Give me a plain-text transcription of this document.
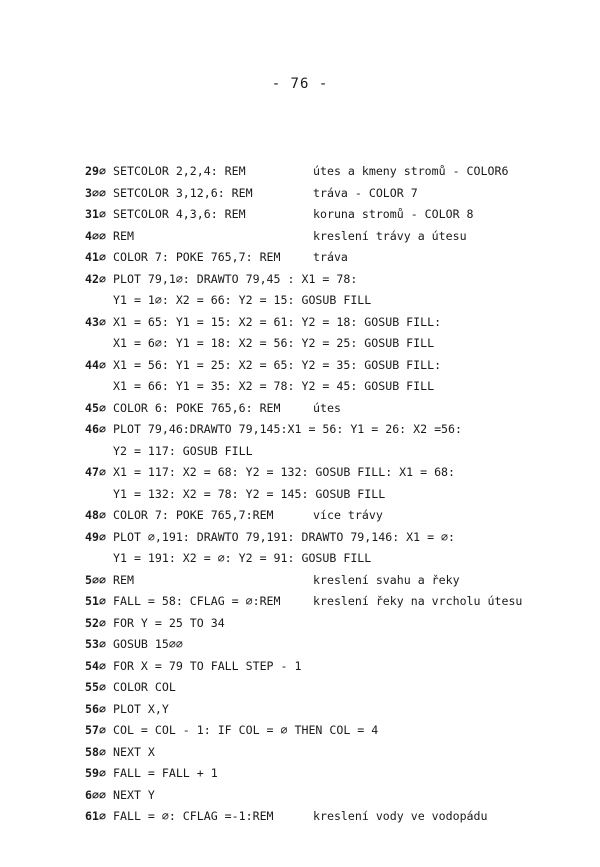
- 76 -
29∅ SETCOLOR 2,2,4: REM	útes a kmeny stromů - COLOR6
3∅∅ SETCOLOR 3,12,6: REM	tráva - COLOR 7
31∅ SETCOLOR 4,3,6: REM	koruna stromů - COLOR 8
4∅∅ REM	kreslení trávy a útesu
41∅ COLOR 7: POKE 765,7: REM	tráva
42∅ PLOT 79,1∅: DRAWTO 79,45 : X1 = 78:
Y1 = 1∅: X2 = 66: Y2 = 15: GOSUB FILL
43∅ X1 = 65: Y1 = 15: X2 = 61: Y2 = 18: GOSUB FILL:
X1 = 6∅: Y1 = 18: X2 = 56: Y2 = 25: GOSUB FILL
44∅ X1 = 56: Y1 = 25: X2 = 65: Y2 = 35: GOSUB FILL:
X1 = 66: Y1 = 35: X2 = 78: Y2 = 45: GOSUB FILL
45∅ COLOR 6: POKE 765,6: REM	útes
46∅ PLOT 79,46:DRAWTO 79,145:X1 = 56: Y1 = 26: X2 =56:
Y2 = 117: GOSUB FILL
47∅ X1 = 117: X2 = 68: Y2 = 132: GOSUB FILL: X1 = 68:
Y1 = 132: X2 = 78: Y2 = 145: GOSUB FILL
48∅ COLOR 7: POKE 765,7:REM	více trávy
49∅ PLOT ∅,191: DRAWTO 79,191: DRAWTO 79,146: X1 = ∅:
Y1 = 191: X2 = ∅: Y2 = 91: GOSUB FILL
5∅∅ REM	kreslení svahu a řeky
51∅ FALL = 58: CFLAG = ∅:REM	kreslení řeky na vrcholu útesu
52∅ FOR Y = 25 TO 34
53∅ GOSUB 15∅∅
54∅ FOR X = 79 TO FALL STEP - 1
55∅ COLOR COL
56∅ PLOT X,Y
57∅ COL = COL - 1: IF COL = ∅ THEN COL = 4
58∅ NEXT X
59∅ FALL = FALL + 1
6∅∅ NEXT Y
61∅ FALL = ∅: CFLAG =-1:REM	kreslení vody ve vodopádu
